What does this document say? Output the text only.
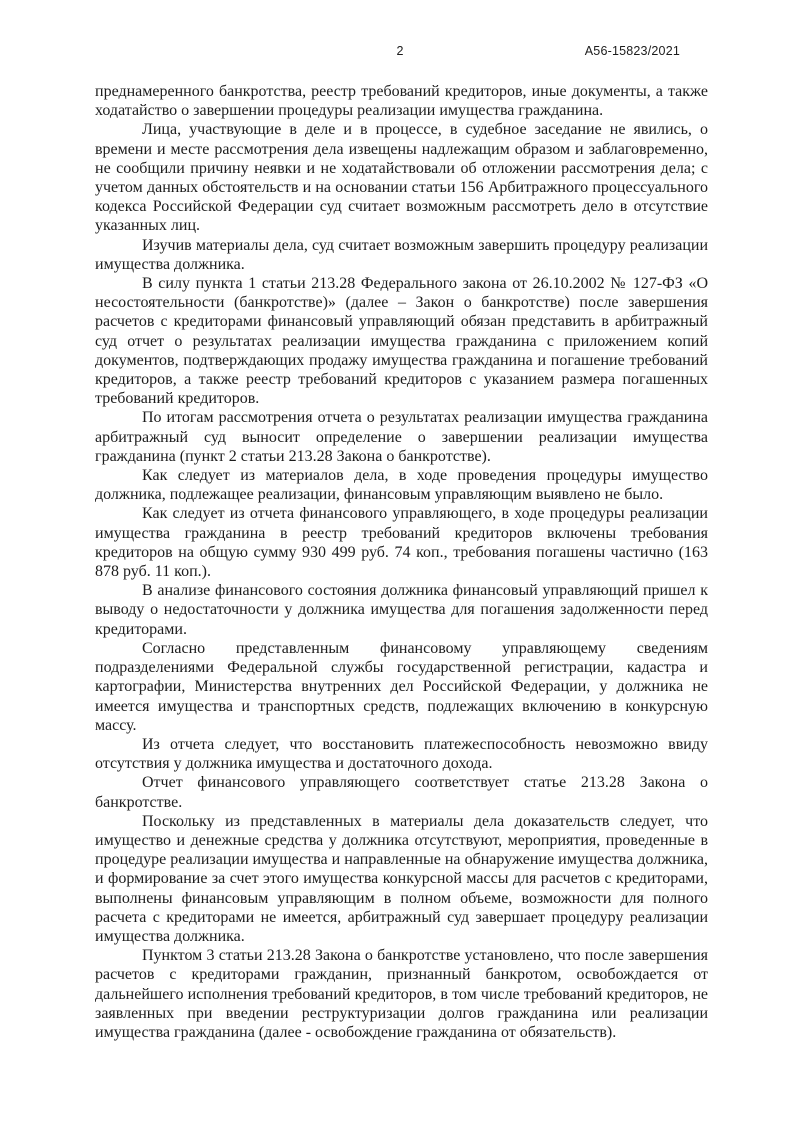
2	А56-15823/2021

преднамеренного банкротства, реестр требований кредиторов, иные документы, а также ходатайство о завершении процедуры реализации имущества гражданина.

Лица, участвующие в деле и в процессе, в судебное заседание не явились, о времени и месте рассмотрения дела извещены надлежащим образом и заблаговременно, не сообщили причину неявки и не ходатайствовали об отложении рассмотрения дела; с учетом данных обстоятельств и на основании статьи 156 Арбитражного процессуального кодекса Российской Федерации суд считает возможным рассмотреть дело в отсутствие указанных лиц.

Изучив материалы дела, суд считает возможным завершить процедуру реализации имущества должника.

В силу пункта 1 статьи 213.28 Федерального закона от 26.10.2002 № 127-ФЗ «О несостоятельности (банкротстве)» (далее – Закон о банкротстве) после завершения расчетов с кредиторами финансовый управляющий обязан представить в арбитражный суд отчет о результатах реализации имущества гражданина с приложением копий документов, подтверждающих продажу имущества гражданина и погашение требований кредиторов, а также реестр требований кредиторов с указанием размера погашенных требований кредиторов.

По итогам рассмотрения отчета о результатах реализации имущества гражданина арбитражный суд выносит определение о завершении реализации имущества гражданина (пункт 2 статьи 213.28 Закона о банкротстве).

Как следует из материалов дела, в ходе проведения процедуры имущество должника, подлежащее реализации, финансовым управляющим выявлено не было.

Как следует из отчета финансового управляющего, в ходе процедуры реализации имущества гражданина в реестр требований кредиторов включены требования кредиторов на общую сумму 930 499 руб. 74 коп., требования погашены частично (163 878 руб. 11 коп.).

В анализе финансового состояния должника финансовый управляющий пришел к выводу о недостаточности у должника имущества для погашения задолженности перед кредиторами.

Согласно представленным финансовому управляющему сведениям подразделениями Федеральной службы государственной регистрации, кадастра и картографии, Министерства внутренних дел Российской Федерации, у должника не имеется имущества и транспортных средств, подлежащих включению в конкурсную массу.

Из отчета следует, что восстановить платежеспособность невозможно ввиду отсутствия у должника имущества и достаточного дохода.

Отчет финансового управляющего соответствует статье 213.28 Закона о банкротстве.

Поскольку из представленных в материалы дела доказательств следует, что имущество и денежные средства у должника отсутствуют, мероприятия, проведенные в процедуре реализации имущества и направленные на обнаружение имущества должника, и формирование за счет этого имущества конкурсной массы для расчетов с кредиторами, выполнены финансовым управляющим в полном объеме, возможности для полного расчета с кредиторами не имеется, арбитражный суд завершает процедуру реализации имущества должника.

Пунктом 3 статьи 213.28 Закона о банкротстве установлено, что после завершения расчетов с кредиторами гражданин, признанный банкротом, освобождается от дальнейшего исполнения требований кредиторов, в том числе требований кредиторов, не заявленных при введении реструктуризации долгов гражданина или реализации имущества гражданина (далее - освобождение гражданина от обязательств).
